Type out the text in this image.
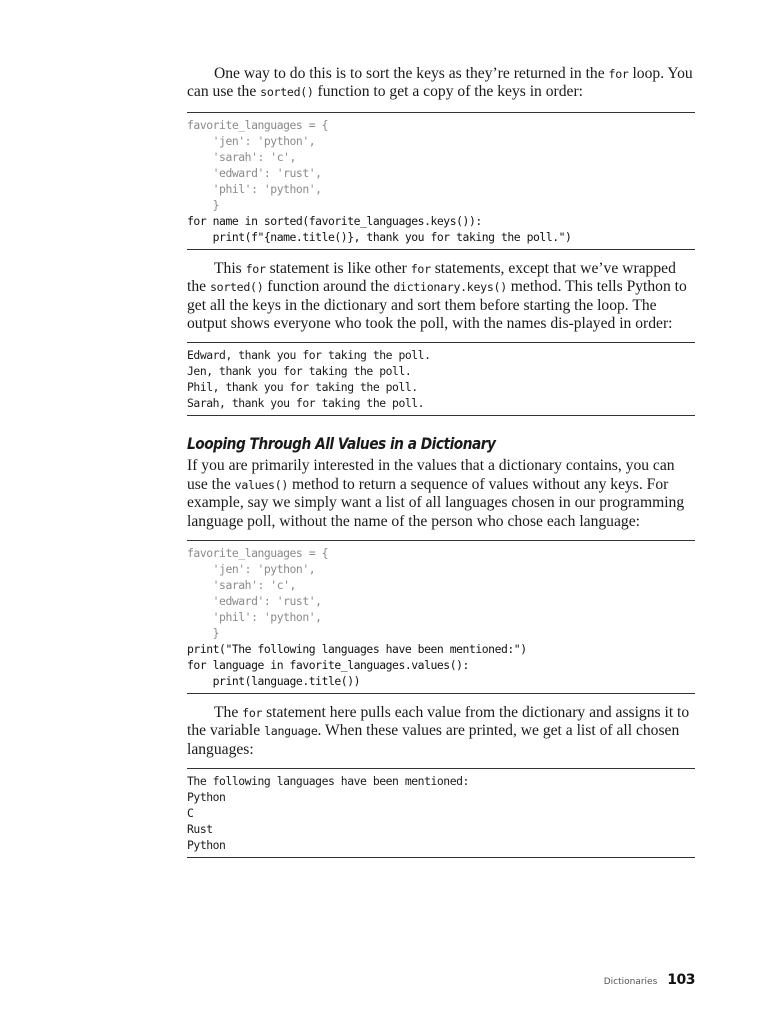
One way to do this is to sort the keys as they’re returned in the for loop. You can use the sorted() function to get a copy of the keys in order:

favorite_languages = {
'jen': 'python',
'sarah': 'c',
'edward': 'rust',
'phil': 'python',
}
for name in sorted(favorite_languages.keys()):
print(f"{name.title()}, thank you for taking the poll.")

This for statement is like other for statements, except that we’ve wrapped the sorted() function around the dictionary.keys() method. This tells Python to get all the keys in the dictionary and sort them before starting the loop. The output shows everyone who took the poll, with the names dis-played in order:

Edward, thank you for taking the poll.
Jen, thank you for taking the poll.
Phil, thank you for taking the poll.
Sarah, thank you for taking the poll.
Looping Through All Values in a Dictionary

If you are primarily interested in the values that a dictionary contains, you can use the values() method to return a sequence of values without any keys. For example, say we simply want a list of all languages chosen in our programming language poll, without the name of the person who chose each language:

favorite_languages = {
'jen': 'python',
'sarah': 'c',
'edward': 'rust',
'phil': 'python',
}
print("The following languages have been mentioned:")
for language in favorite_languages.values():
print(language.title())

The for statement here pulls each value from the dictionary and assigns it to the variable language. When these values are printed, we get a list of all chosen languages:

The following languages have been mentioned:
Python
C
Rust
Python
Dictionaries 103
